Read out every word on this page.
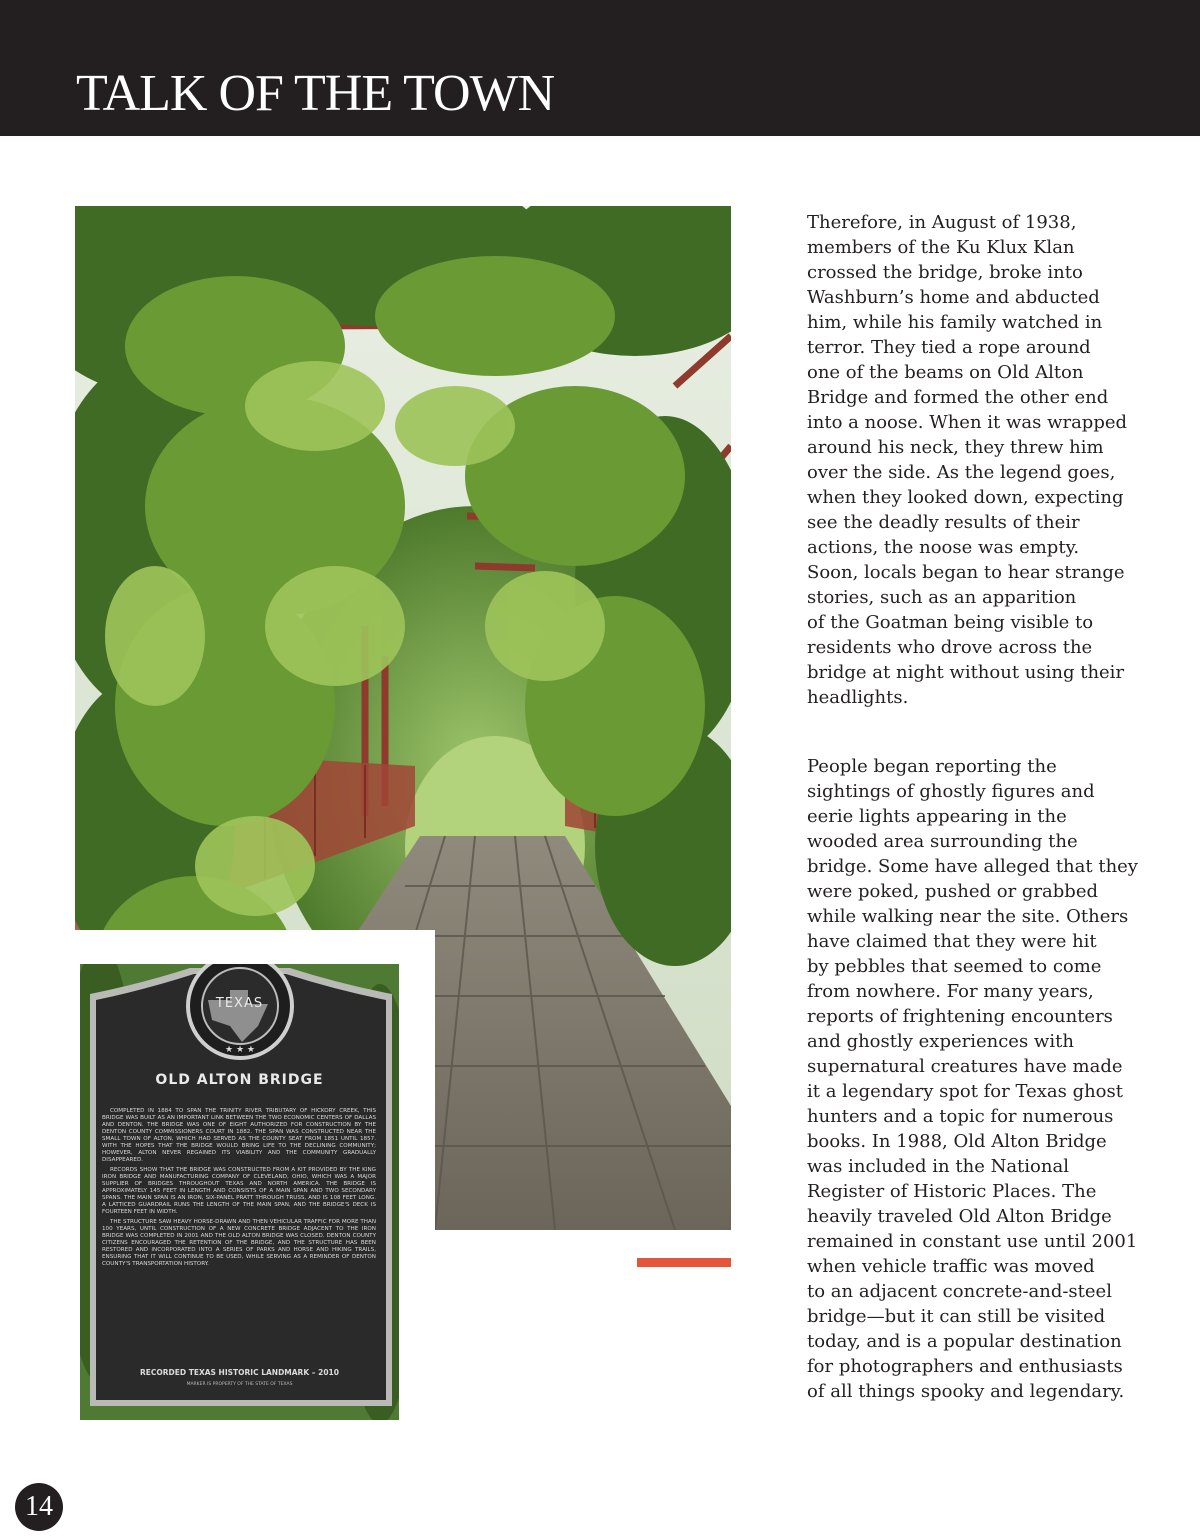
TALK OF THE TOWN
★ ★ ★
TEXAS
OLD ALTON BRIDGE

COMPLETED IN 1884 TO SPAN THE TRINITY RIVER TRIBUTARY OF HICKORY CREEK, THIS BRIDGE WAS BUILT AS AN IMPORTANT LINK BETWEEN THE TWO ECONOMIC CENTERS OF DALLAS AND DENTON. THE BRIDGE WAS ONE OF EIGHT AUTHORIZED FOR CONSTRUCTION BY THE DENTON COUNTY COMMISSIONERS COURT IN 1882. THE SPAN WAS CONSTRUCTED NEAR THE SMALL TOWN OF ALTON, WHICH HAD SERVED AS THE COUNTY SEAT FROM 1851 UNTIL 1857. WITH THE HOPES THAT THE BRIDGE WOULD BRING LIFE TO THE DECLINING COMMUNITY; HOWEVER, ALTON NEVER REGAINED ITS VIABILITY AND THE COMMUNITY GRADUALLY DISAPPEARED.

RECORDS SHOW THAT THE BRIDGE WAS CONSTRUCTED FROM A KIT PROVIDED BY THE KING IRON BRIDGE AND MANUFACTURING COMPANY OF CLEVELAND, OHIO, WHICH WAS A MAJOR SUPPLIER OF BRIDGES THROUGHOUT TEXAS AND NORTH AMERICA. THE BRIDGE IS APPROXIMATELY 145 FEET IN LENGTH AND CONSISTS OF A MAIN SPAN AND TWO SECONDARY SPANS. THE MAIN SPAN IS AN IRON, SIX-PANEL PRATT THROUGH TRUSS, AND IS 108 FEET LONG. A LATTICED GUARDRAIL RUNS THE LENGTH OF THE MAIN SPAN, AND THE BRIDGE'S DECK IS FOURTEEN FEET IN WIDTH.

THE STRUCTURE SAW HEAVY HORSE-DRAWN AND THEN VEHICULAR TRAFFIC FOR MORE THAN 100 YEARS, UNTIL CONSTRUCTION OF A NEW CONCRETE BRIDGE ADJACENT TO THE IRON BRIDGE WAS COMPLETED IN 2001 AND THE OLD ALTON BRIDGE WAS CLOSED. DENTON COUNTY CITIZENS ENCOURAGED THE RETENTION OF THE BRIDGE, AND THE STRUCTURE HAS BEEN RESTORED AND INCORPORATED INTO A SERIES OF PARKS AND HORSE AND HIKING TRAILS, ENSURING THAT IT WILL CONTINUE TO BE USED, WHILE SERVING AS A REMINDER OF DENTON COUNTY'S TRANSPORTATION HISTORY.

RECORDED TEXAS HISTORIC LANDMARK – 2010
MARKER IS PROPERTY OF THE STATE OF TEXAS
Therefore, in August of 1938,
members of the Ku Klux Klan
crossed the bridge, broke into
Washburn’s home and abducted
him, while his family watched in
terror. They tied a rope around
one of the beams on Old Alton
Bridge and formed the other end
into a noose. When it was wrapped
around his neck, they threw him
over the side. As the legend goes,
when they looked down, expecting
see the deadly results of their
actions, the noose was empty.
Soon, locals began to hear strange
stories, such as an apparition
of the Goatman being visible to
residents who drove across the
bridge at night without using their
headlights.
People began reporting the
sightings of ghostly figures and
eerie lights appearing in the
wooded area surrounding the
bridge. Some have alleged that they
were poked, pushed or grabbed
while walking near the site. Others
have claimed that they were hit
by pebbles that seemed to come
from nowhere. For many years,
reports of frightening encounters
and ghostly experiences with
supernatural creatures have made
it a legendary spot for Texas ghost
hunters and a topic for numerous
books. In 1988, Old Alton Bridge
was included in the National
Register of Historic Places. The
heavily traveled Old Alton Bridge
remained in constant use until 2001
when vehicle traffic was moved
to an adjacent concrete-and-steel
bridge—but it can still be visited
today, and is a popular destination
for photographers and enthusiasts
of all things spooky and legendary.
14
